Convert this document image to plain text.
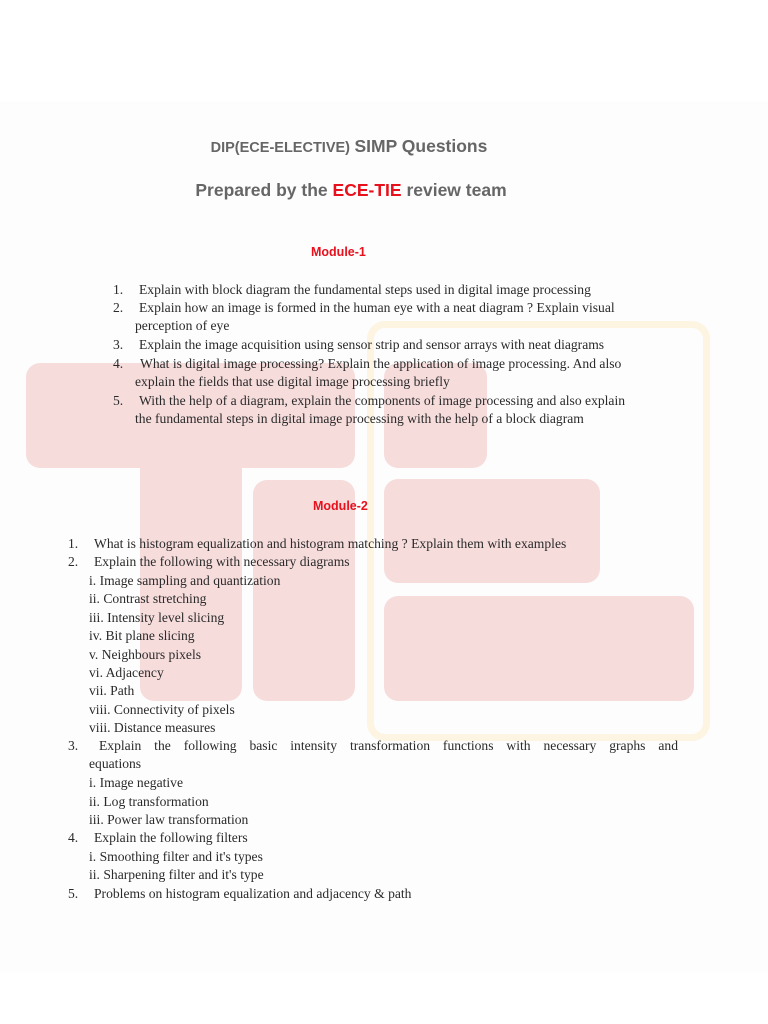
DIP(ECE-ELECTIVE) SIMP Questions
Prepared by the ECE-TIE review team
Module-1
1. Explain with block diagram the fundamental steps used in digital image processing
2. Explain how an image is formed in the human eye with a neat diagram ? Explain visual
perception of eye
3. Explain the image acquisition using sensor strip and sensor arrays with neat diagrams
4. What is digital image processing? Explain the application of image processing. And also
explain the fields that use digital image processing briefly
5. With the help of a diagram, explain the components of image processing and also explain
the fundamental steps in digital image processing with the help of a block diagram
Module-2
1. What is histogram equalization and histogram matching ? Explain them with examples
2. Explain the following with necessary diagrams
i. Image sampling and quantization
ii. Contrast stretching
iii. Intensity level slicing
iv. Bit plane slicing
v. Neighbours pixels
vi. Adjacency
vii. Path
viii. Connectivity of pixels
viii. Distance measures
3. Explain the following basic intensity transformation functions with necessary graphs and
equations
i. Image negative
ii. Log transformation
iii. Power law transformation
4. Explain the following filters
i. Smoothing filter and it's types
ii. Sharpening filter and it's type
5. Problems on histogram equalization and adjacency & path
